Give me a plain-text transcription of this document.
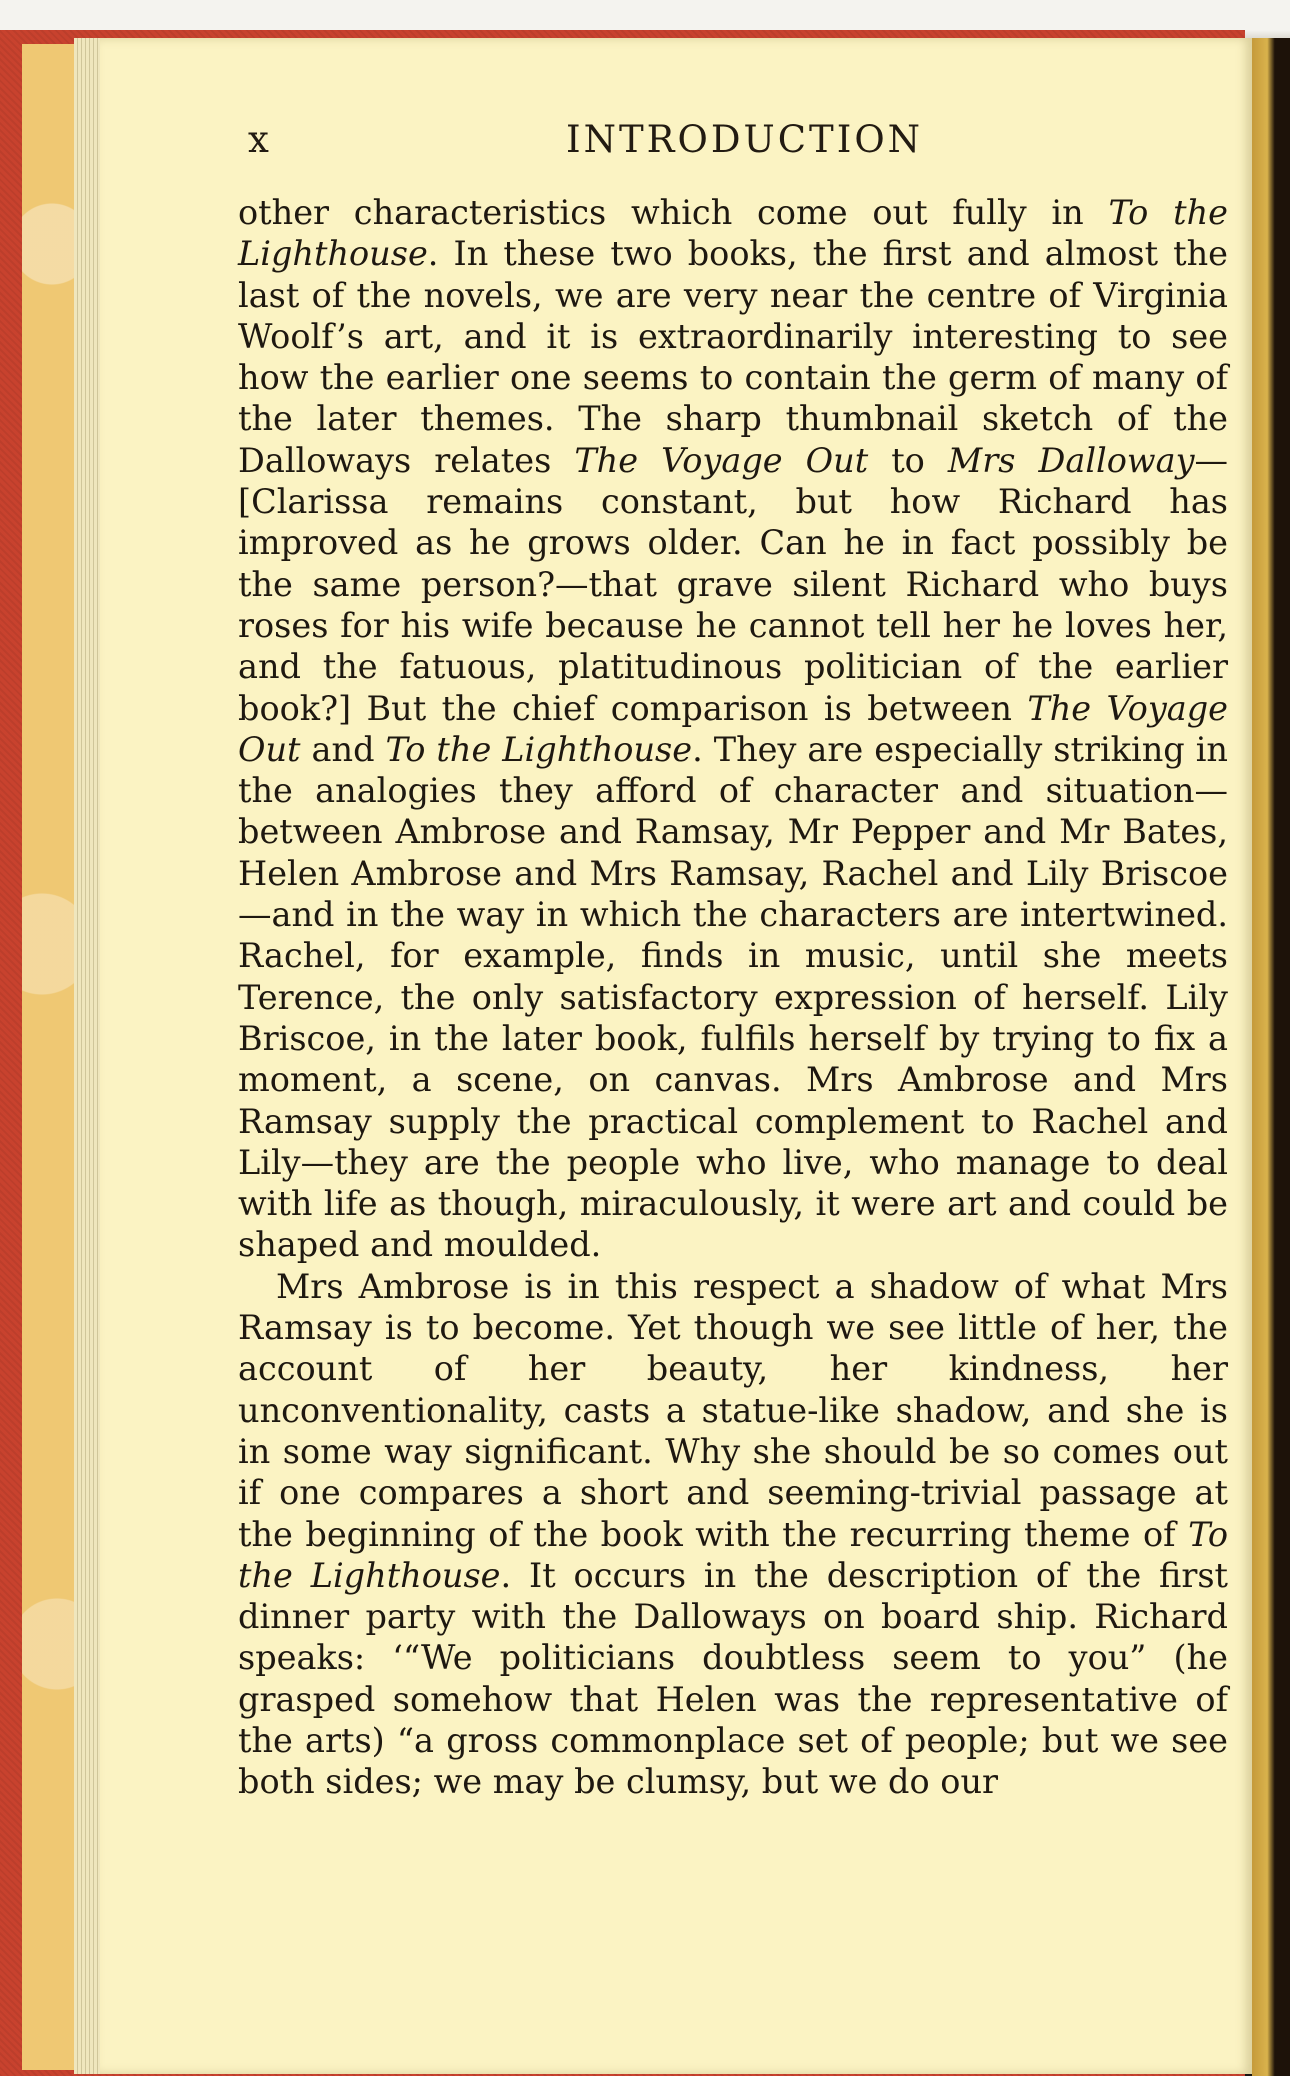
x	INTRODUCTION

other characteristics which come out fully in To the Lighthouse. In these two books, the first and almost the last of the novels, we are very near the centre of Virginia Woolf’s art, and it is extraordinarily interesting to see how the earlier one seems to contain the germ of many of the later themes. The sharp thumbnail sketch of the Dalloways relates The Voyage Out to Mrs Dalloway—[Clarissa remains constant, but how Richard has improved as he grows older. Can he in fact possibly be the same person?—that grave silent Richard who buys roses for his wife because he cannot tell her he loves her, and the fatuous, platitudinous politician of the earlier book?] But the chief comparison is between The Voyage Out and To the Lighthouse. They are especially striking in the analogies they afford of character and situation—between Ambrose and Ramsay, Mr Pepper and Mr Bates, Helen Ambrose and Mrs Ramsay, Rachel and Lily Briscoe—and in the way in which the characters are intertwined. Rachel, for example, finds in music, until she meets Terence, the only satisfactory expression of herself. Lily Briscoe, in the later book, fulfils herself by trying to fix a moment, a scene, on canvas. Mrs Ambrose and Mrs Ramsay supply the practical complement to Rachel and Lily—they are the people who live, who manage to deal with life as though, miraculously, it were art and could be shaped and moulded.

Mrs Ambrose is in this respect a shadow of what Mrs Ramsay is to become. Yet though we see little of her, the account of her beauty, her kindness, her unconventionality, casts a statue-like shadow, and she is in some way significant. Why she should be so comes out if one compares a short and seeming-trivial passage at the beginning of the book with the recurring theme of To the Lighthouse. It occurs in the description of the first dinner party with the Dalloways on board ship. Richard speaks: ‘“We politicians doubtless seem to you” (he grasped somehow that Helen was the representative of the arts) “a gross commonplace set of people; but we see both sides; we may be clumsy, but we do our
